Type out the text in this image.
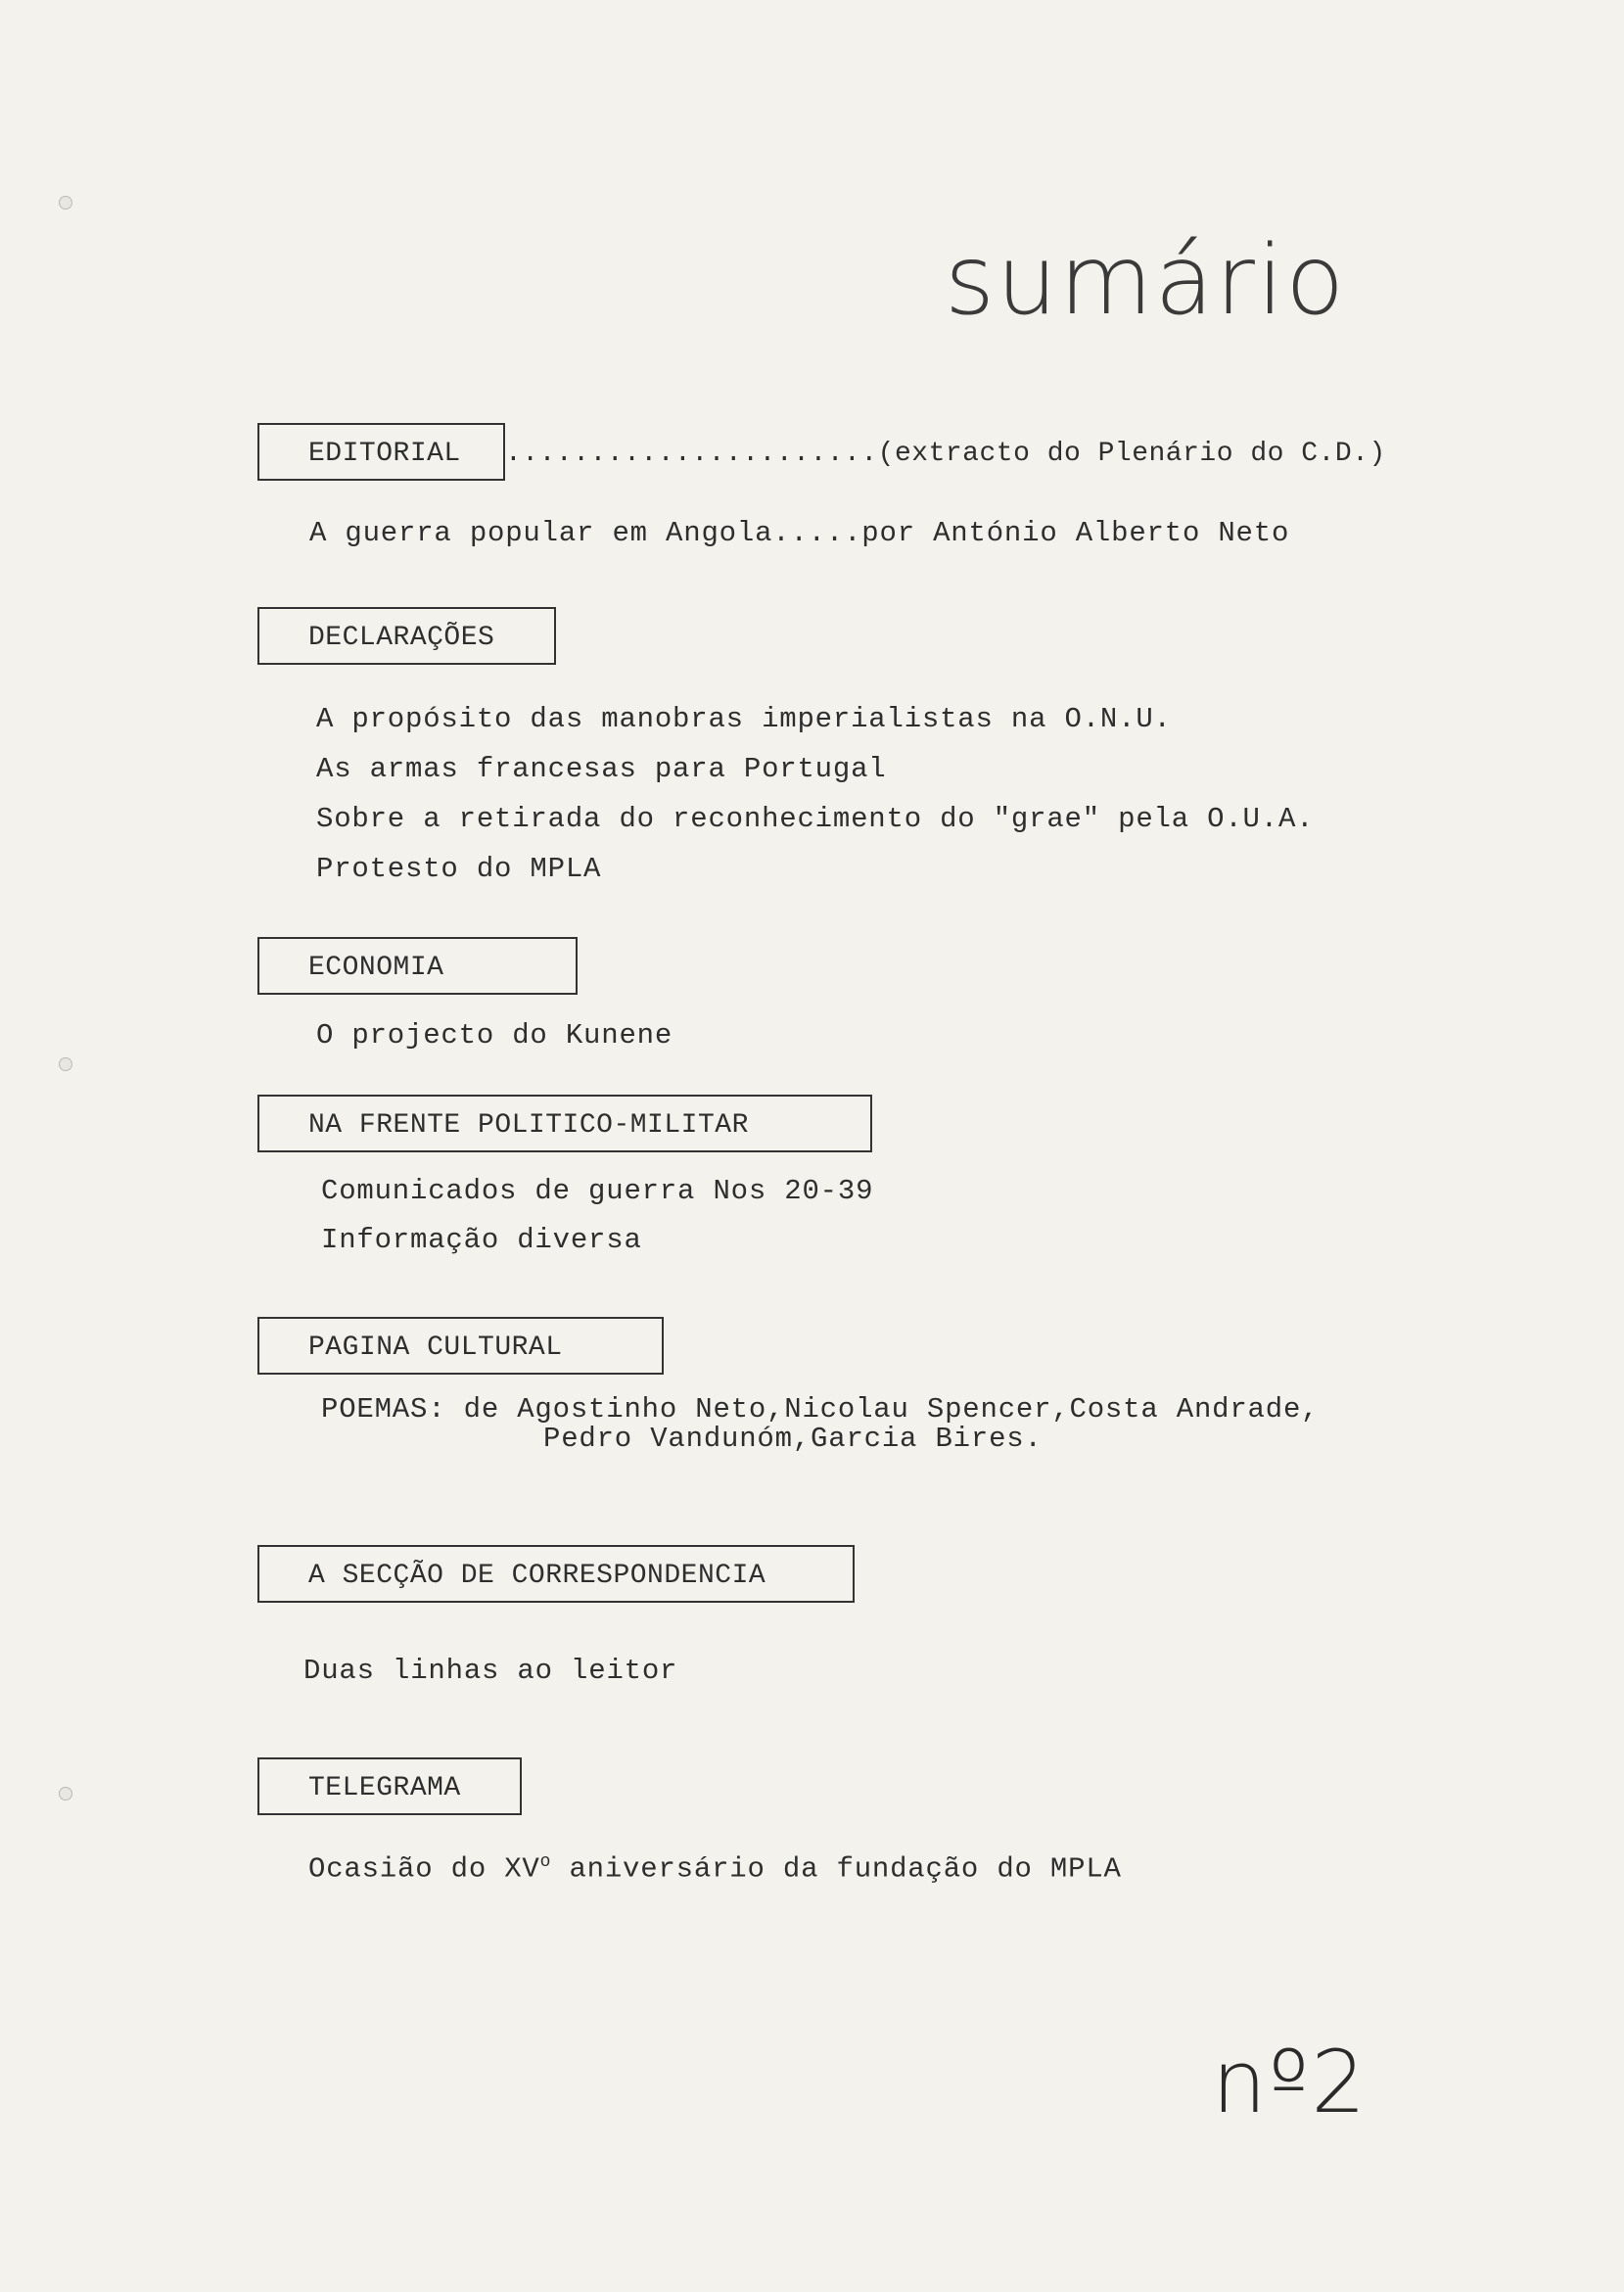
sumário
EDITORIAL ......................(extracto do Plenário do C.D.)
A guerra popular em Angola.....por António Alberto Neto
DECLARAÇÕES
A propósito das manobras imperialistas na O.N.U.
As armas francesas para Portugal
Sobre a retirada do reconhecimento do "grae" pela O.U.A.
Protesto do MPLA
ECONOMIA
O projecto do Kunene
NA FRENTE POLITICO-MILITAR
Comunicados de guerra Nos 20-39
Informação diversa
PAGINA CULTURAL
POEMAS: de Agostinho Neto,Nicolau Spencer,Costa Andrade,
Pedro Vandunóm,Garcia Bires.
A SECÇÃO DE CORRESPONDENCIA
Duas linhas ao leitor
TELEGRAMA
Ocasião do $XV^o$ aniversário da fundação do MPLA
nº2
